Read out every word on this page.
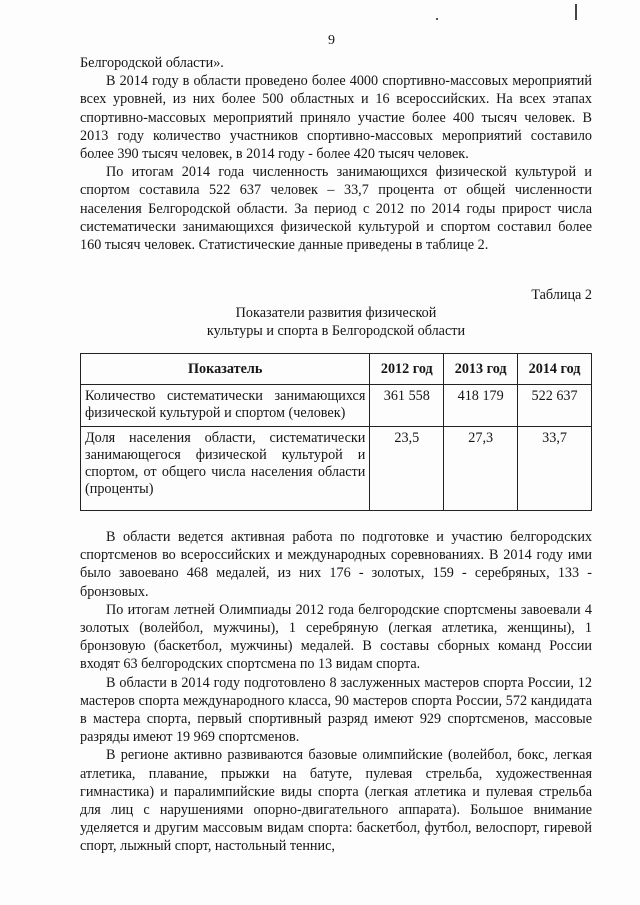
9

Белгородской области».

В 2014 году в области проведено более 4000 спортивно-массовых мероприятий всех уровней, из них более 500 областных и 16 всероссийских. На всех этапах спортивно-массовых мероприятий приняло участие более 400 тысяч человек. В 2013 году количество участников спортивно-массовых мероприятий составило более 390 тысяч человек, в 2014 году - более 420 тысяч человек.

По итогам 2014 года численность занимающихся физической культурой и спортом составила 522 637 человек – 33,7 процента от общей численности населения Белгородской области. За период с 2012 по 2014 годы прирост числа систематически занимающихся физической культурой и спортом составил более 160 тысяч человек. Статистические данные приведены в таблице 2.

Таблица 2
Показатели развития физической
культуры и спорта в Белгородской области
Показатель	2012 год	2013 год	2014 год
Количество систематически занимающихся физической культурой и спортом (человек)	361 558	418 179	522 637
Доля населения области, систематически занимающегося физической культурой и спортом, от общего числа населения области (проценты)	23,5	27,3	33,7

В области ведется активная работа по подготовке и участию белгородских спортсменов во всероссийских и международных соревнованиях. В 2014 году ими было завоевано 468 медалей, из них 176 - золотых, 159 - серебряных, 133 - бронзовых.

По итогам летней Олимпиады 2012 года белгородские спортсмены завоевали 4 золотых (волейбол, мужчины), 1 серебряную (легкая атлетика, женщины), 1 бронзовую (баскетбол, мужчины) медалей. В составы сборных команд России входят 63 белгородских спортсмена по 13 видам спорта.

В области в 2014 году подготовлено 8 заслуженных мастеров спорта России, 12 мастеров спорта международного класса, 90 мастеров спорта России, 572 кандидата в мастера спорта, первый спортивный разряд имеют 929 спортсменов, массовые разряды имеют 19 969 спортсменов.

В регионе активно развиваются базовые олимпийские (волейбол, бокс, легкая атлетика, плавание, прыжки на батуте, пулевая стрельба, художественная гимнастика) и паралимпийские виды спорта (легкая атлетика и пулевая стрельба для лиц с нарушениями опорно-двигательного аппарата). Большое внимание уделяется и другим массовым видам спорта: баскетбол, футбол, велоспорт, гиревой спорт, лыжный спорт, настольный теннис,
